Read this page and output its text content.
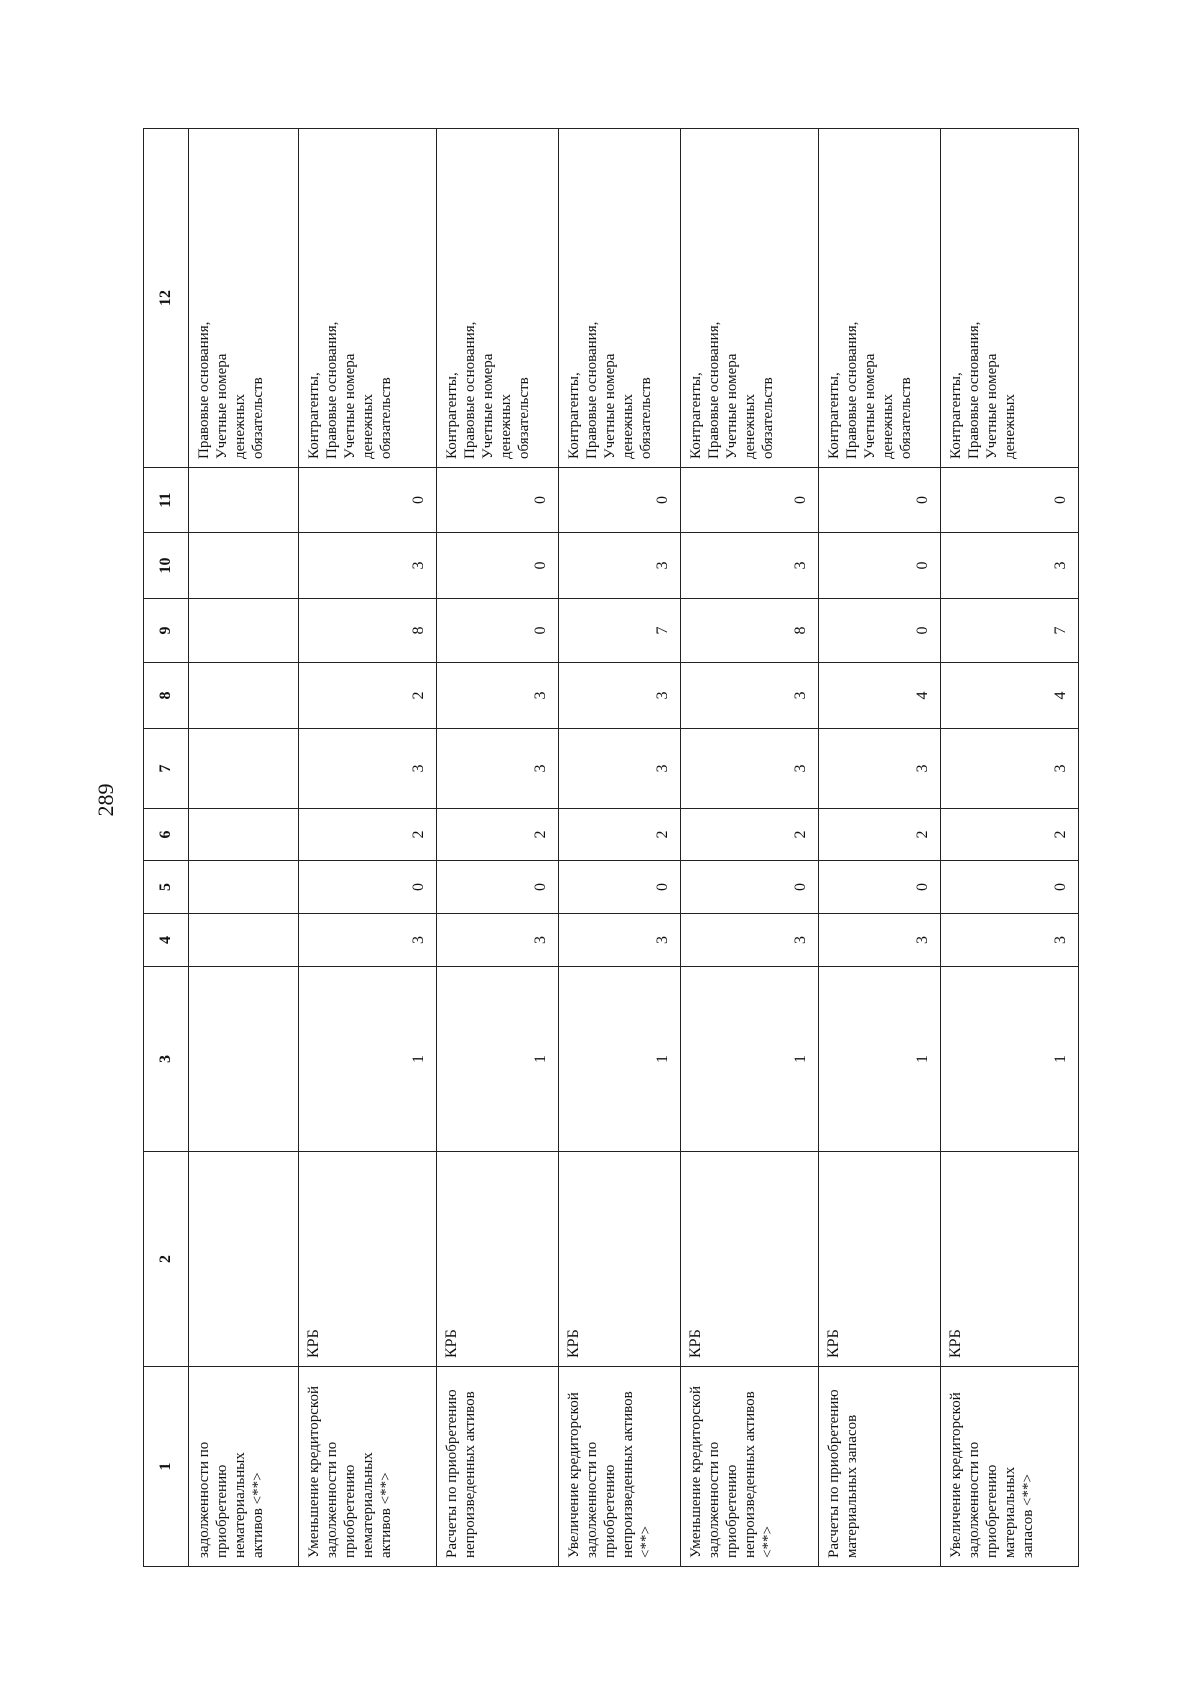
289
1	2	3	4	5	6	7	8	9	10	11	12
задолженности по приобретению нематериальных активов <**>											Правовые основания, Учетные номера денежных обязательств
Уменьшение кредиторской задолженности по приобретению нематериальных активов <**>	КРБ	1	3	0	2	3	2	8	3	0	Контрагенты, Правовые основания, Учетные номера денежных обязательств
Расчеты по приобретению непроизведенных активов	КРБ	1	3	0	2	3	3	0	0	0	Контрагенты, Правовые основания, Учетные номера денежных обязательств
Увеличение кредиторской задолженности по приобретению непроизведенных активов <**>	КРБ	1	3	0	2	3	3	7	3	0	Контрагенты, Правовые основания, Учетные номера денежных обязательств
Уменьшение кредиторской задолженности по приобретению непроизведенных активов <**>	КРБ	1	3	0	2	3	3	8	3	0	Контрагенты, Правовые основания, Учетные номера денежных обязательств
Расчеты по приобретению материальных запасов	КРБ	1	3	0	2	3	4	0	0	0	Контрагенты, Правовые основания, Учетные номера денежных обязательств
Увеличение кредиторской задолженности по приобретению материальных запасов <**>	КРБ	1	3	0	2	3	4	7	3	0	Контрагенты, Правовые основания, Учетные номера денежных
